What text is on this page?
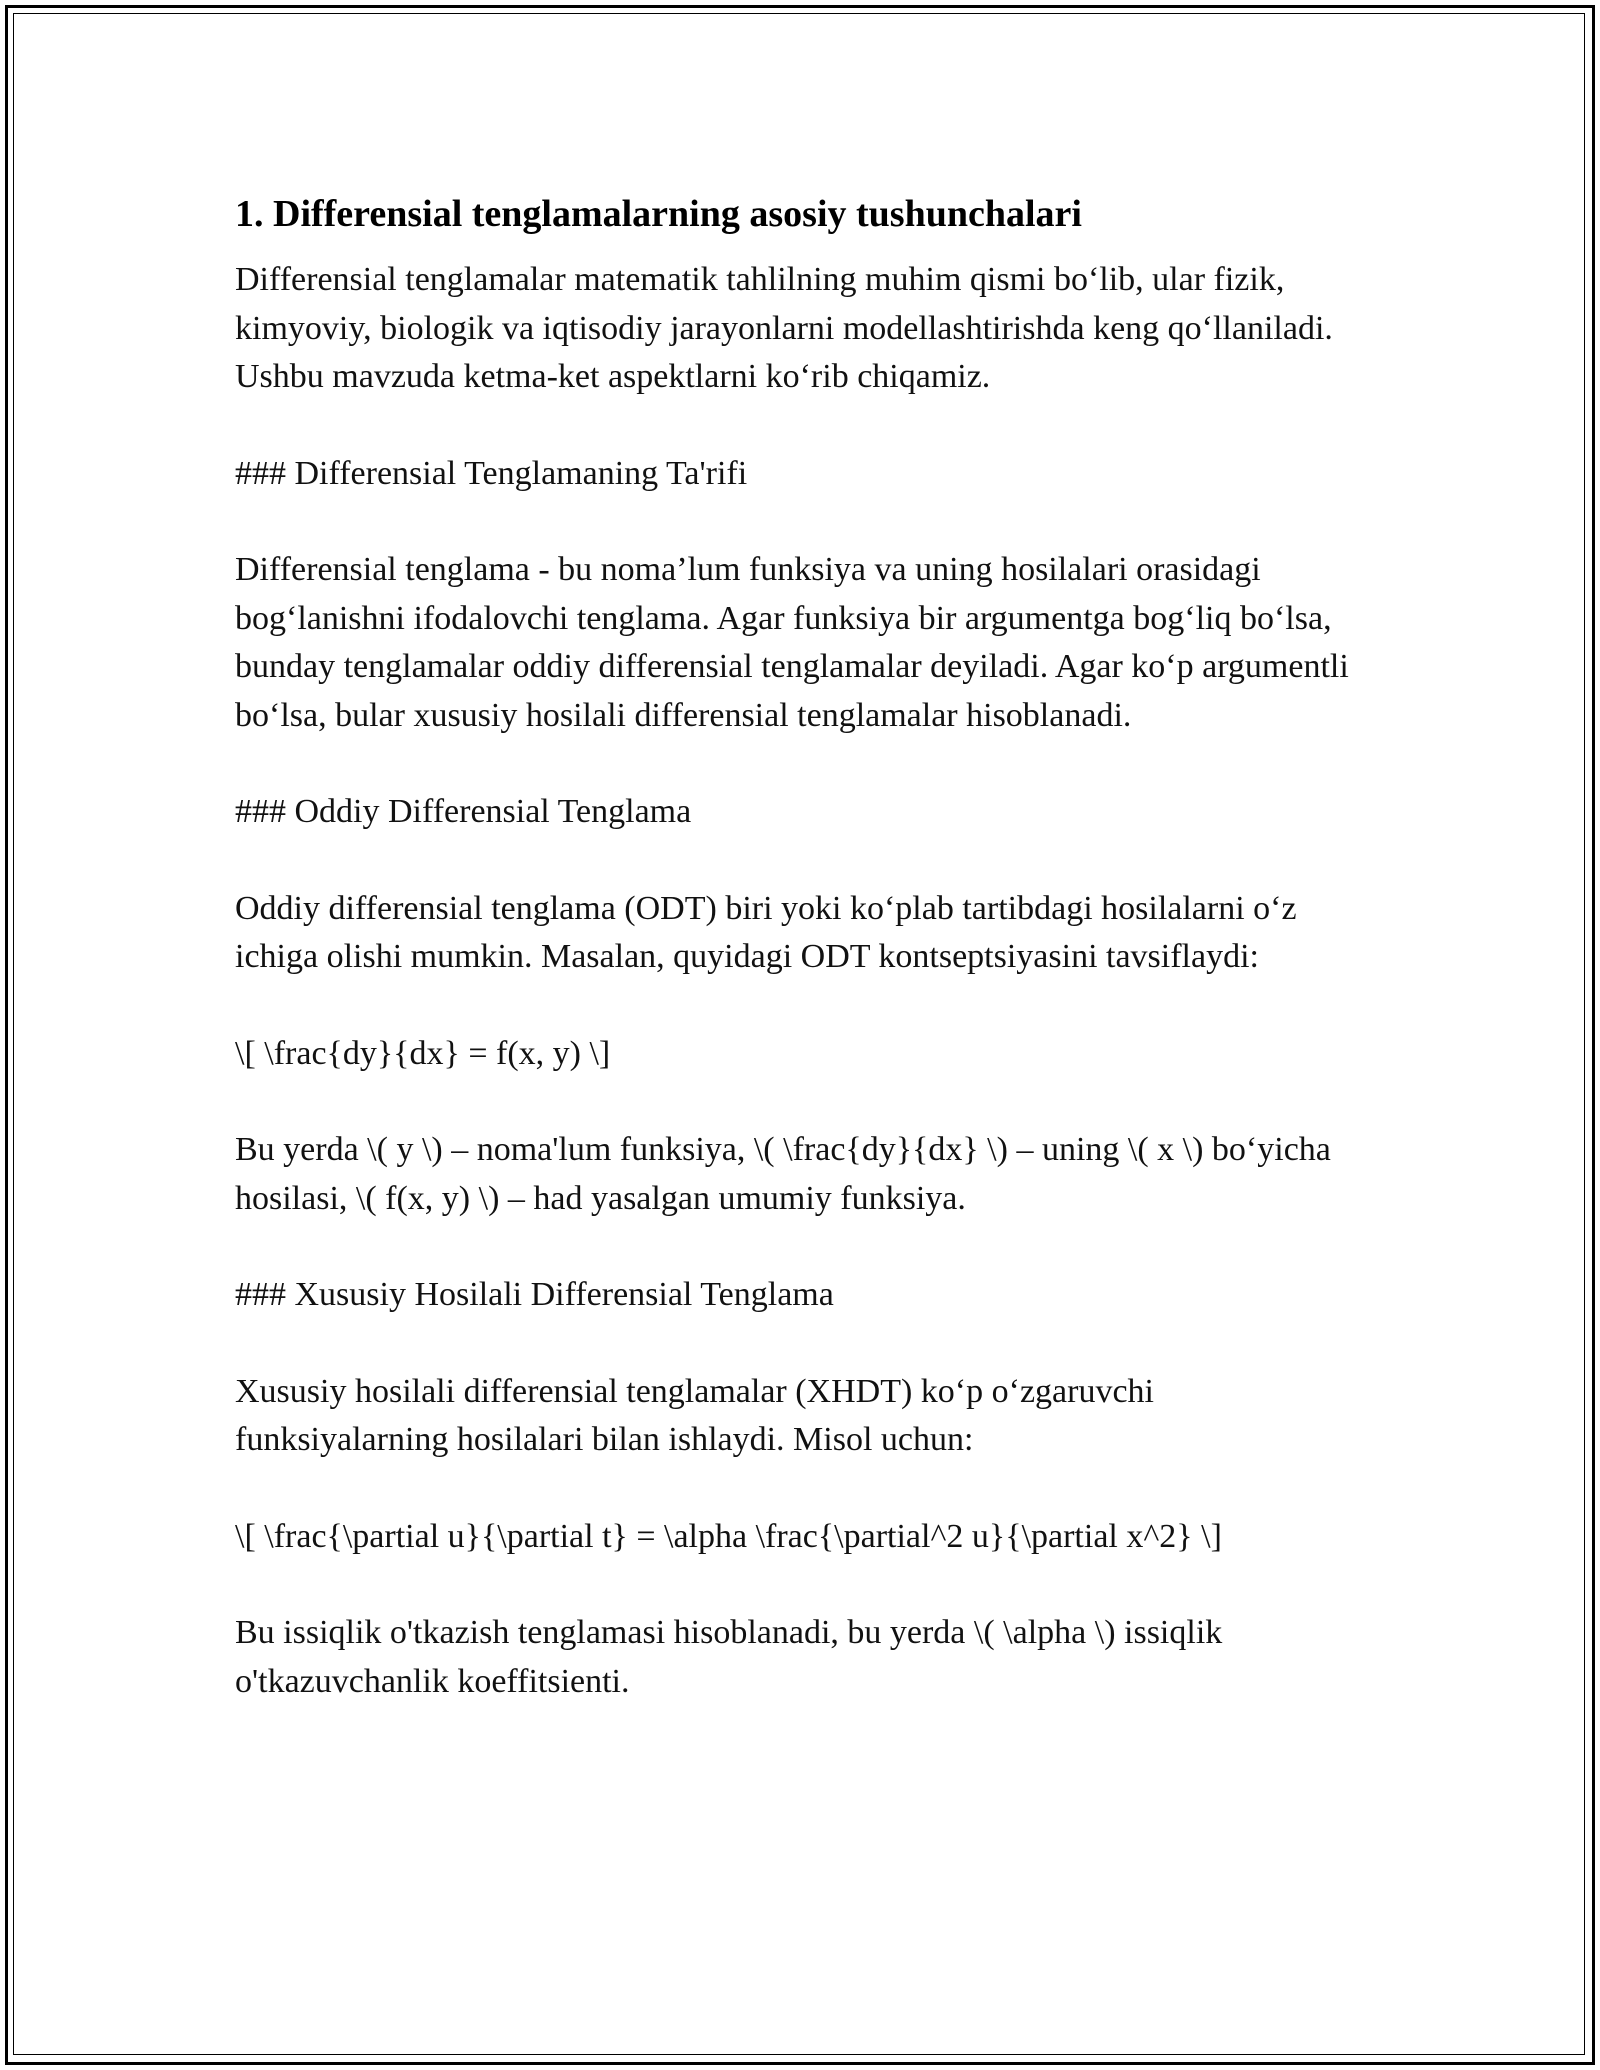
1. Differensial tenglamalarning asosiy tushunchalari

Differensial tenglamalar matematik tahlilning muhim qismi bo‘lib, ular fizik, kimyoviy, biologik va iqtisodiy jarayonlarni modellashtirishda keng qo‘llaniladi. Ushbu mavzuda ketma-ket aspektlarni ko‘rib chiqamiz.

### Differensial Tenglamaning Ta'rifi

Differensial tenglama - bu noma’lum funksiya va uning hosilalari orasidagi bog‘lanishni ifodalovchi tenglama. Agar funksiya bir argumentga bog‘liq bo‘lsa, bunday tenglamalar oddiy differensial tenglamalar deyiladi. Agar ko‘p argumentli bo‘lsa, bular xususiy hosilali differensial tenglamalar hisoblanadi.

### Oddiy Differensial Tenglama

Oddiy differensial tenglama (ODT) biri yoki ko‘plab tartibdagi hosilalarni o‘z ichiga olishi mumkin. Masalan, quyidagi ODT kontseptsiyasini tavsiflaydi:

\[ \frac{dy}{dx} = f(x, y) \]

Bu yerda \( y \) – noma'lum funksiya, \( \frac{dy}{dx} \) – uning \( x \) bo‘yicha hosilasi, \( f(x, y) \) – had yasalgan umumiy funksiya.

### Xususiy Hosilali Differensial Tenglama

Xususiy hosilali differensial tenglamalar (XHDT) ko‘p o‘zgaruvchi funksiyalarning hosilalari bilan ishlaydi. Misol uchun:

\[ \frac{\partial u}{\partial t} = \alpha \frac{\partial^2 u}{\partial x^2} \]

Bu issiqlik o'tkazish tenglamasi hisoblanadi, bu yerda \( \alpha \) issiqlik o'tkazuvchanlik koeffitsienti.
